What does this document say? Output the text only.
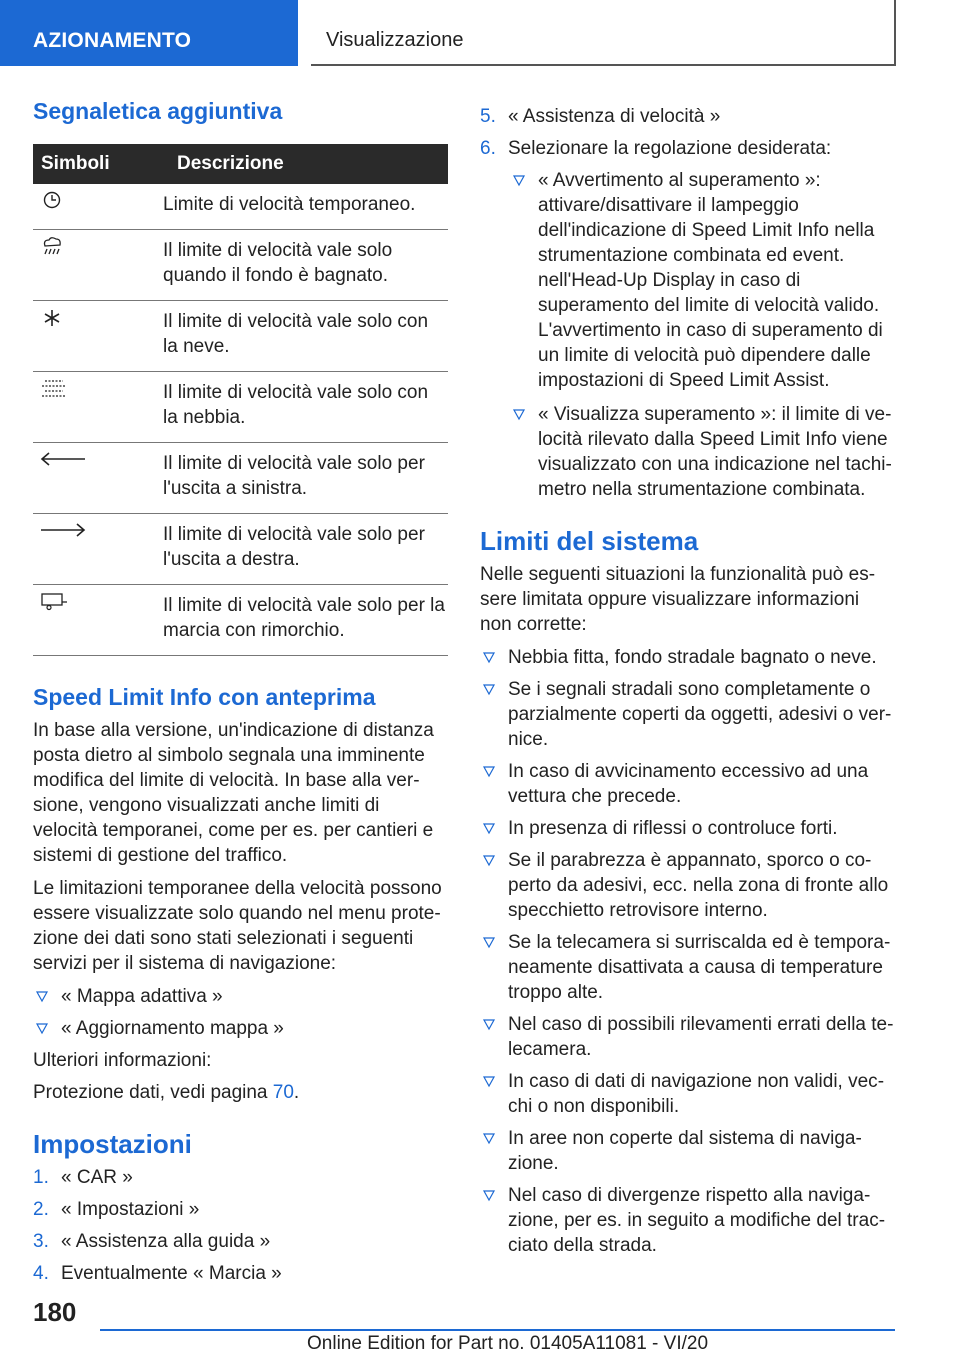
AZIONAMENTO	Visualizzazione
Segnaletica aggiuntiva
Simboli	Descrizione
	Limite di velocità temporaneo.
	Il limite di velocità vale solo quando il fondo è bagnato.
	Il limite di velocità vale solo con la neve.
	Il limite di velocità vale solo con la nebbia.
	Il limite di velocità vale solo per l'uscita a sinistra.
	Il limite di velocità vale solo per l'uscita a destra.
	Il limite di velocità vale solo per la marcia con rimorchio.
Speed Limit Info con anteprima

In base alla versione, un'indicazione di distanza posta dietro al simbolo segnala una imminente modifica del limite di velocità. In base alla versione, vengono visualizzati anche limiti di velocità temporanei, come per es. per cantieri e sistemi di gestione del traffico.

Le limitazioni temporanee della velocità possono essere visualizzate solo quando nel menu protezione dei dati sono stati selezionati i seguenti servizi per il sistema di navigazione:

« Mappa adattiva »
« Aggiornamento mappa »

Ulteriori informazioni:

Protezione dati, vedi pagina 70.

Impostazioni
1. « CAR »
2. « Impostazioni »
3. « Assistenza alla guida »
4. Eventualmente « Marcia »
5. « Assistenza di velocità »
6. Selezionare la regolazione desiderata:
« Avvertimento al superamento »: attivare/disattivare il lampeggio dell'indicazione di Speed Limit Info nella strumentazione combinata ed event. nell'Head-Up Display in caso di superamento del limite di velocità valido. L'avvertimento in caso di superamento di un limite di velocità può dipendere dalle impostazioni di Speed Limit Assist.
« Visualizza superamento »: il limite di velocità rilevato dalla Speed Limit Info viene visualizzato con una indicazione nel tachimetro nella strumentazione combinata.
Limiti del sistema

Nelle seguenti situazioni la funzionalità può essere limitata oppure visualizzare informazioni non corrette:

Nebbia fitta, fondo stradale bagnato o neve.
Se i segnali stradali sono completamente o parzialmente coperti da oggetti, adesivi o vernice.
In caso di avvicinamento eccessivo ad una vettura che precede.
In presenza di riflessi o controluce forti.
Se il parabrezza è appannato, sporco o coperto da adesivi, ecc. nella zona di fronte allo specchietto retrovisore interno.
Se la telecamera si surriscalda ed è temporaneamente disattivata a causa di temperature troppo alte.
Nel caso di possibili rilevamenti errati della telecamera.
In caso di dati di navigazione non validi, vecchi o non disponibili.
In aree non coperte dal sistema di navigazione.
Nel caso di divergenze rispetto alla navigazione, per es. in seguito a modifiche del tracciato della strada.
180
Online Edition for Part no. 01405A11081 - VI/20
